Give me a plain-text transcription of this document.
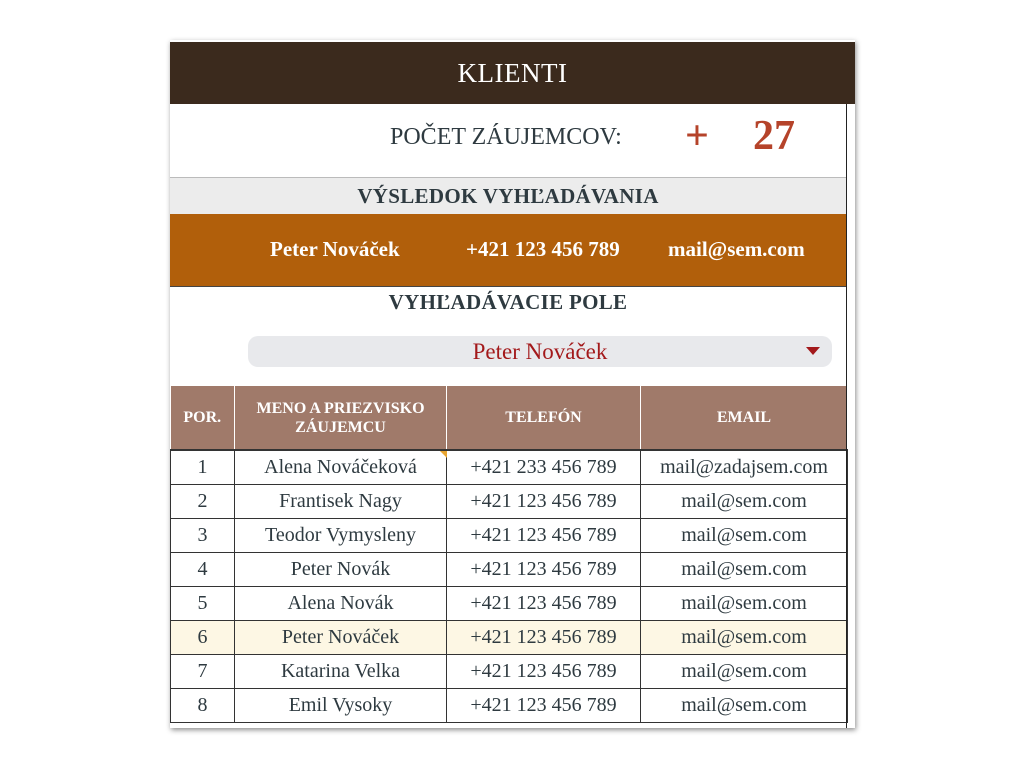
KLIENTI
POČET ZÁUJEMCOV: + 27
VÝSLEDOK VYHĽADÁVANIA
Peter Nováček	+421 123 456 789 mail@sem.com
VYHĽADÁVACIE POLE
Peter Nováček
POR.	MENO A PRIEZVISKO ZÁUJEMCU	TELEFÓN	EMAIL
1	Alena Nováčeková	+421 233 456 789	mail@zadajsem.com
2	Frantisek Nagy	+421 123 456 789	mail@sem.com
3	Teodor Vymysleny	+421 123 456 789	mail@sem.com
4	Peter Novák	+421 123 456 789	mail@sem.com
5	Alena Novák	+421 123 456 789	mail@sem.com
6	Peter Nováček	+421 123 456 789	mail@sem.com
7	Katarina Velka	+421 123 456 789	mail@sem.com
8	Emil Vysoky	+421 123 456 789	mail@sem.com
